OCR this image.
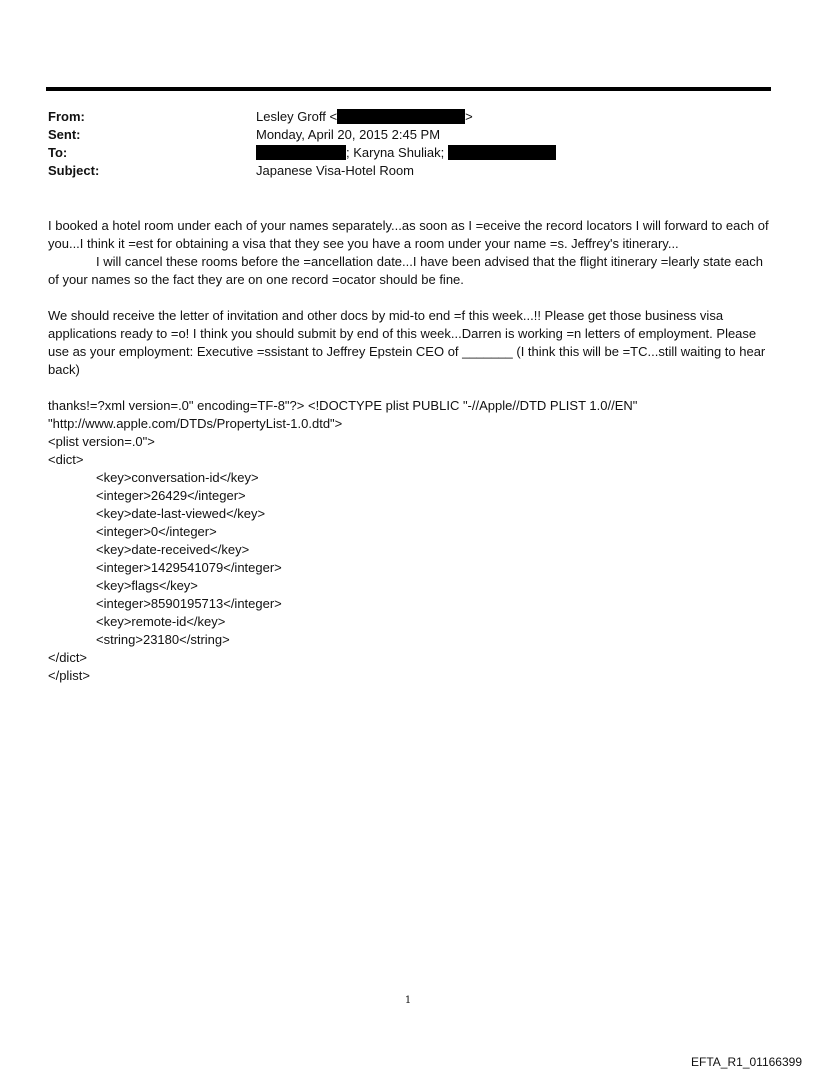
From:	Lesley Groff <	>
Sent:	Monday, April 20, 2015 2:45 PM
To:	; Karyna Shuliak;
Subject:	Japanese Visa-Hotel Room

I booked a hotel room under each of your names separately...as soon as I =eceive the record locators I will forward to each of you...I think it =est for obtaining a visa that they see you have a room under your name =s. Jeffrey's itinerary...
I will cancel these rooms before the =ancellation date...I have been advised that the flight itinerary =learly state each of your names so the fact they are on one record =ocator should be fine.

We should receive the letter of invitation and other docs by mid-to end =f this week...!! Please get those business visa applications ready to =o! I think you should submit by end of this week...Darren is working =n letters of employment. Please use as your employment: Executive =ssistant to Jeffrey Epstein CEO of _______ (I think this will be =TC...still waiting to hear back)

thanks!=?xml version=.0" encoding=TF-8"?> <!DOCTYPE plist PUBLIC "-//Apple//DTD PLIST 1.0//EN"
"http://www.apple.com/DTDs/PropertyList-1.0.dtd">
<plist version=.0">
<dict>
<key>conversation-id</key>
<integer>26429</integer>
<key>date-last-viewed</key>
<integer>0</integer>
<key>date-received</key>
<integer>1429541079</integer>
<key>flags</key>
<integer>8590195713</integer>
<key>remote-id</key>
<string>23180</string>
</dict>
</plist>
1
EFTA_R1_01166399
